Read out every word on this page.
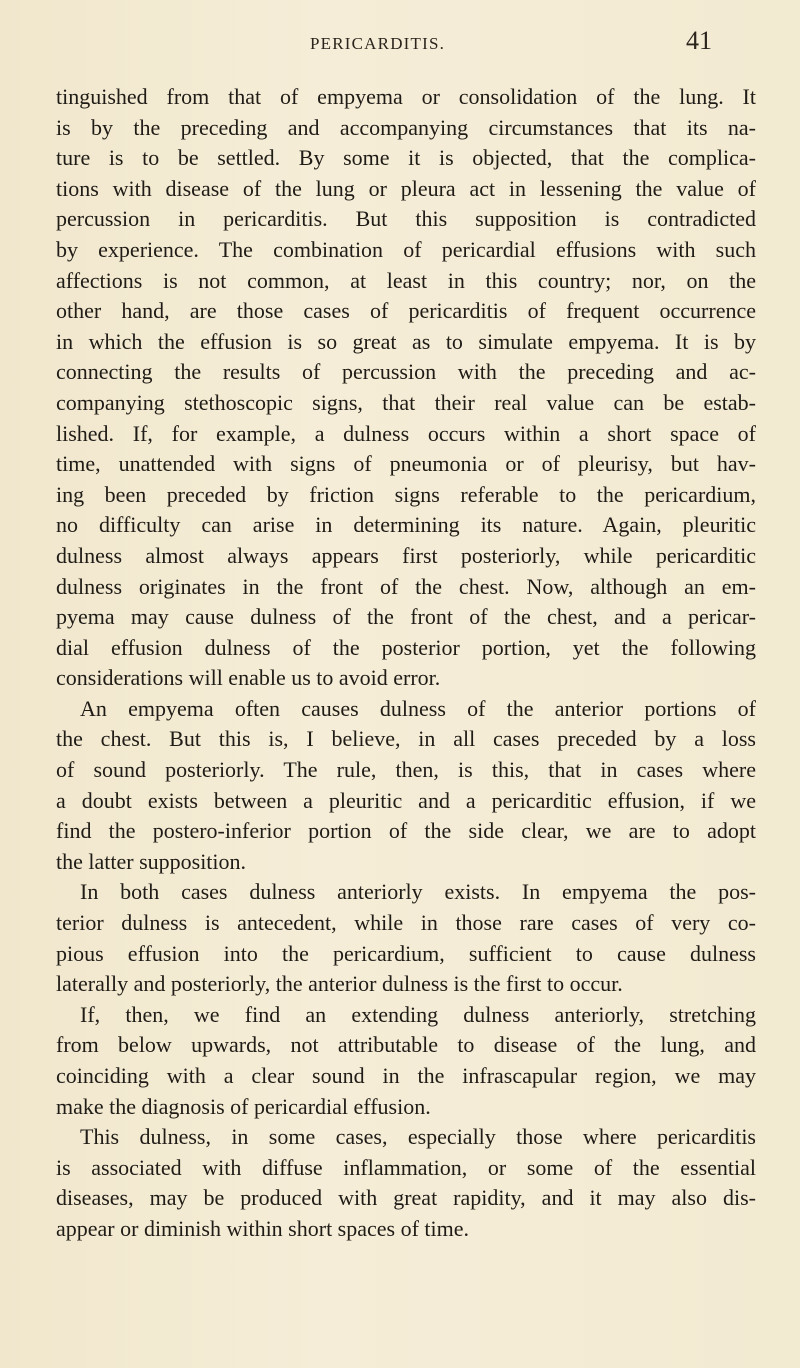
PERICARDITIS.	41
tinguished from that of empyema or consolidation of the lung. It
is by the preceding and accompanying circumstances that its na-
ture is to be settled. By some it is objected, that the complica-
tions with disease of the lung or pleura act in lessening the value of
percussion in pericarditis. But this supposition is contradicted
by experience. The combination of pericardial effusions with such
affections is not common, at least in this country; nor, on the
other hand, are those cases of pericarditis of frequent occurrence
in which the effusion is so great as to simulate empyema. It is by
connecting the results of percussion with the preceding and ac-
companying stethoscopic signs, that their real value can be estab-
lished. If, for example, a dulness occurs within a short space of
time, unattended with signs of pneumonia or of pleurisy, but hav-
ing been preceded by friction signs referable to the pericardium,
no difficulty can arise in determining its nature. Again, pleuritic
dulness almost always appears first posteriorly, while pericarditic
dulness originates in the front of the chest. Now, although an em-
pyema may cause dulness of the front of the chest, and a pericar-
dial effusion dulness of the posterior portion, yet the following
considerations will enable us to avoid error.
An empyema often causes dulness of the anterior portions of
the chest. But this is, I believe, in all cases preceded by a loss
of sound posteriorly. The rule, then, is this, that in cases where
a doubt exists between a pleuritic and a pericarditic effusion, if we
find the postero-inferior portion of the side clear, we are to adopt
the latter supposition.
In both cases dulness anteriorly exists. In empyema the pos-
terior dulness is antecedent, while in those rare cases of very co-
pious effusion into the pericardium, sufficient to cause dulness
laterally and posteriorly, the anterior dulness is the first to occur.
If, then, we find an extending dulness anteriorly, stretching
from below upwards, not attributable to disease of the lung, and
coinciding with a clear sound in the infrascapular region, we may
make the diagnosis of pericardial effusion.
This dulness, in some cases, especially those where pericarditis
is associated with diffuse inflammation, or some of the essential
diseases, may be produced with great rapidity, and it may also dis-
appear or diminish within short spaces of time.
